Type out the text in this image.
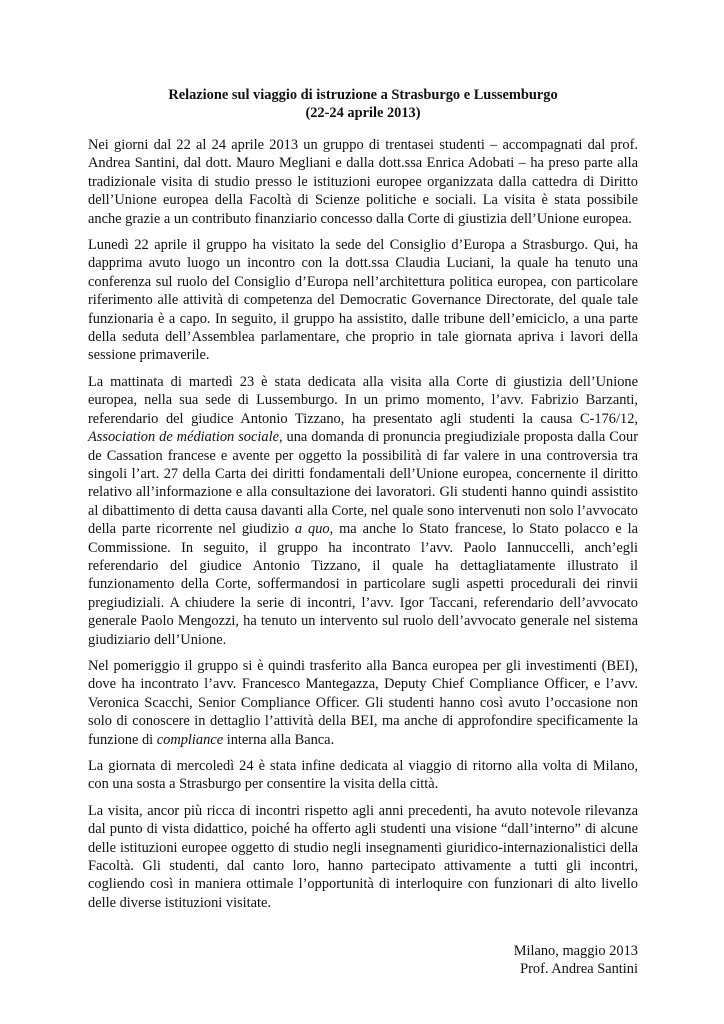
Relazione sul viaggio di istruzione a Strasburgo e Lussemburgo
(22-24 aprile 2013)

Nei giorni dal 22 al 24 aprile 2013 un gruppo di trentasei studenti – accompagnati dal prof. Andrea Santini, dal dott. Mauro Megliani e dalla dott.ssa Enrica Adobati – ha preso parte alla tradizionale visita di studio presso le istituzioni europee organizzata dalla cattedra di Diritto dell’Unione europea della Facoltà di Scienze politiche e sociali. La visita è stata possibile anche grazie a un contributo finanziario concesso dalla Corte di giustizia dell’Unione europea.

Lunedì 22 aprile il gruppo ha visitato la sede del Consiglio d’Europa a Strasburgo. Qui, ha dapprima avuto luogo un incontro con la dott.ssa Claudia Luciani, la quale ha tenuto una conferenza sul ruolo del Consiglio d’Europa nell’architettura politica europea, con particolare riferimento alle attività di competenza del Democratic Governance Directorate, del quale tale funzionaria è a capo. In seguito, il gruppo ha assistito, dalle tribune dell’emiciclo, a una parte della seduta dell’Assemblea parlamentare, che proprio in tale giornata apriva i lavori della sessione primaverile.

La mattinata di martedì 23 è stata dedicata alla visita alla Corte di giustizia dell’Unione europea, nella sua sede di Lussemburgo. In un primo momento, l’avv. Fabrizio Barzanti, referendario del giudice Antonio Tizzano, ha presentato agli studenti la causa C-176/12, Association de médiation sociale, una domanda di pronuncia pregiudiziale proposta dalla Cour de Cassation francese e avente per oggetto la possibilità di far valere in una controversia tra singoli l’art. 27 della Carta dei diritti fondamentali dell’Unione europea, concernente il diritto relativo all’informazione e alla consultazione dei lavoratori. Gli studenti hanno quindi assistito al dibattimento di detta causa davanti alla Corte, nel quale sono intervenuti non solo l’avvocato della parte ricorrente nel giudizio a quo, ma anche lo Stato francese, lo Stato polacco e la Commissione. In seguito, il gruppo ha incontrato l’avv. Paolo Iannuccelli, anch’egli referendario del giudice Antonio Tizzano, il quale ha dettagliatamente illustrato il funzionamento della Corte, soffermandosi in particolare sugli aspetti procedurali dei rinvii pregiudiziali. A chiudere la serie di incontri, l’avv. Igor Taccani, referendario dell’avvocato generale Paolo Mengozzi, ha tenuto un intervento sul ruolo dell’avvocato generale nel sistema giudiziario dell’Unione.

Nel pomeriggio il gruppo si è quindi trasferito alla Banca europea per gli investimenti (BEI), dove ha incontrato l’avv. Francesco Mantegazza, Deputy Chief Compliance Officer, e l’avv. Veronica Scacchi, Senior Compliance Officer. Gli studenti hanno così avuto l’occasione non solo di conoscere in dettaglio l’attività della BEI, ma anche di approfondire specificamente la funzione di compliance interna alla Banca.

La giornata di mercoledì 24 è stata infine dedicata al viaggio di ritorno alla volta di Milano, con una sosta a Strasburgo per consentire la visita della città.

La visita, ancor più ricca di incontri rispetto agli anni precedenti, ha avuto notevole rilevanza dal punto di vista didattico, poiché ha offerto agli studenti una visione “dall’interno” di alcune delle istituzioni europee oggetto di studio negli insegnamenti giuridico-internazionalistici della Facoltà. Gli studenti, dal canto loro, hanno partecipato attivamente a tutti gli incontri, cogliendo così in maniera ottimale l’opportunità di interloquire con funzionari di alto livello delle diverse istituzioni visitate.

Milano, maggio 2013
Prof. Andrea Santini
